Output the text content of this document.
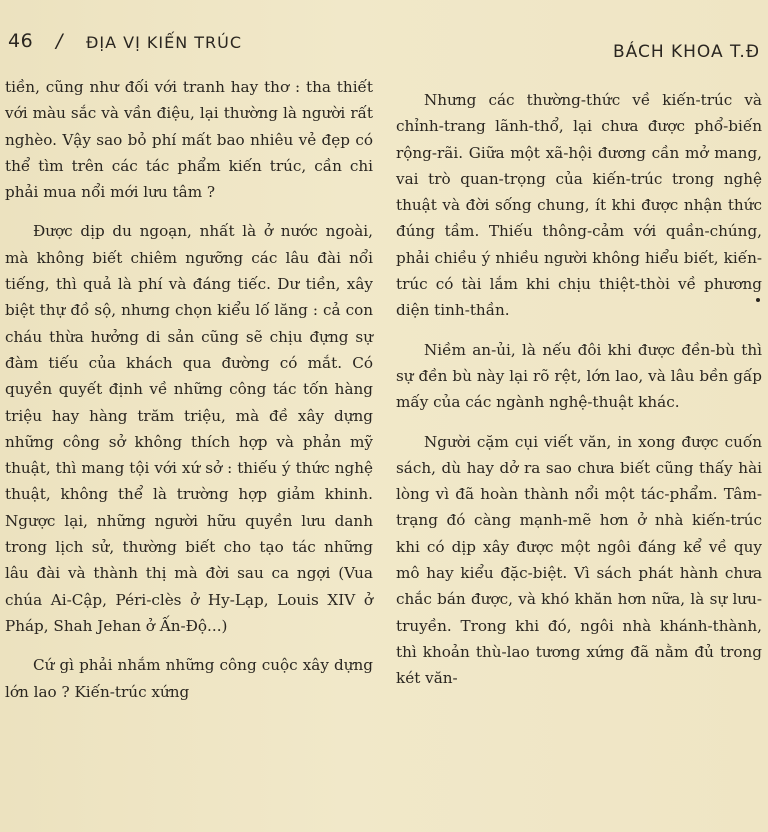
46 / ĐỊA VỊ KIẾN TRÚC	BÁCH KHOA T.Đ

tiền, cũng như đối với tranh hay thơ : tha thiết với màu sắc và vần điệu, lại thường là người rất nghèo. Vậy sao bỏ phí mất bao nhiêu vẻ đẹp có thể tìm trên các tác phẩm kiến trúc, cần chi phải mua nổi mới lưu tâm ?

Được dịp du ngoạn, nhất là ở nước ngoài, mà không biết chiêm ngưỡng các lâu đài nổi tiếng, thì quả là phí và đáng tiếc. Dư tiền, xây biệt thự đồ sộ, nhưng chọn kiểu lố lăng : cả con cháu thừa hưởng di sản cũng sẽ chịu đựng sự đàm tiếu của khách qua đường có mắt. Có quyền quyết định về những công tác tốn hàng triệu hay hàng trăm triệu, mà đề xây dựng những công sở không thích hợp và phản mỹ thuật, thì mang tội với xứ sở : thiếu ý thức nghệ thuật, không thể là trường hợp giảm khinh. Ngược lại, những người hữu quyền lưu danh trong lịch sử, thường biết cho tạo tác những lâu đài và thành thị mà đời sau ca ngợi (Vua chúa Ai-Cập, Péri-clès ở Hy-Lạp, Louis XIV ở Pháp, Shah Jehan ở Ấn-Độ...)

Cứ gì phải nhắm những công cuộc xây dựng lớn lao ? Kiến-trúc xứng

Nhưng các thường-thức về kiến-trúc và chỉnh-trang lãnh-thổ, lại chưa được phổ-biến rộng-rãi. Giữa một xã-hội đương cần mở mang, vai trò quan-trọng của kiến-trúc trong nghệ thuật và đời sống chung, ít khi được nhận thức đúng tầm. Thiếu thông-cảm với quần-chúng, phải chiều ý nhiều người không hiểu biết, kiến-trúc có tài lắm khi chịu thiệt-thòi về phương diện tinh-thần.

Niềm an-ủi, là nếu đôi khi được đền-bù thì sự đền bù này lại rõ rệt, lớn lao, và lâu bền gấp mấy của các ngành nghệ-thuật khác.

Người cặm cụi viết văn, in xong được cuốn sách, dù hay dở ra sao chưa biết cũng thấy hài lòng vì đã hoàn thành nổi một tác-phẩm. Tâm-trạng đó càng mạnh-mẽ hơn ở nhà kiến-trúc khi có dịp xây được một ngôi đáng kể về quy mô hay kiểu đặc-biệt. Vì sách phát hành chưa chắc bán được, và khó khăn hơn nữa, là sự lưu-truyền. Trong khi đó, ngôi nhà khánh-thành, thì khoản thù-lao tương xứng đã nằm đủ trong két văn-
